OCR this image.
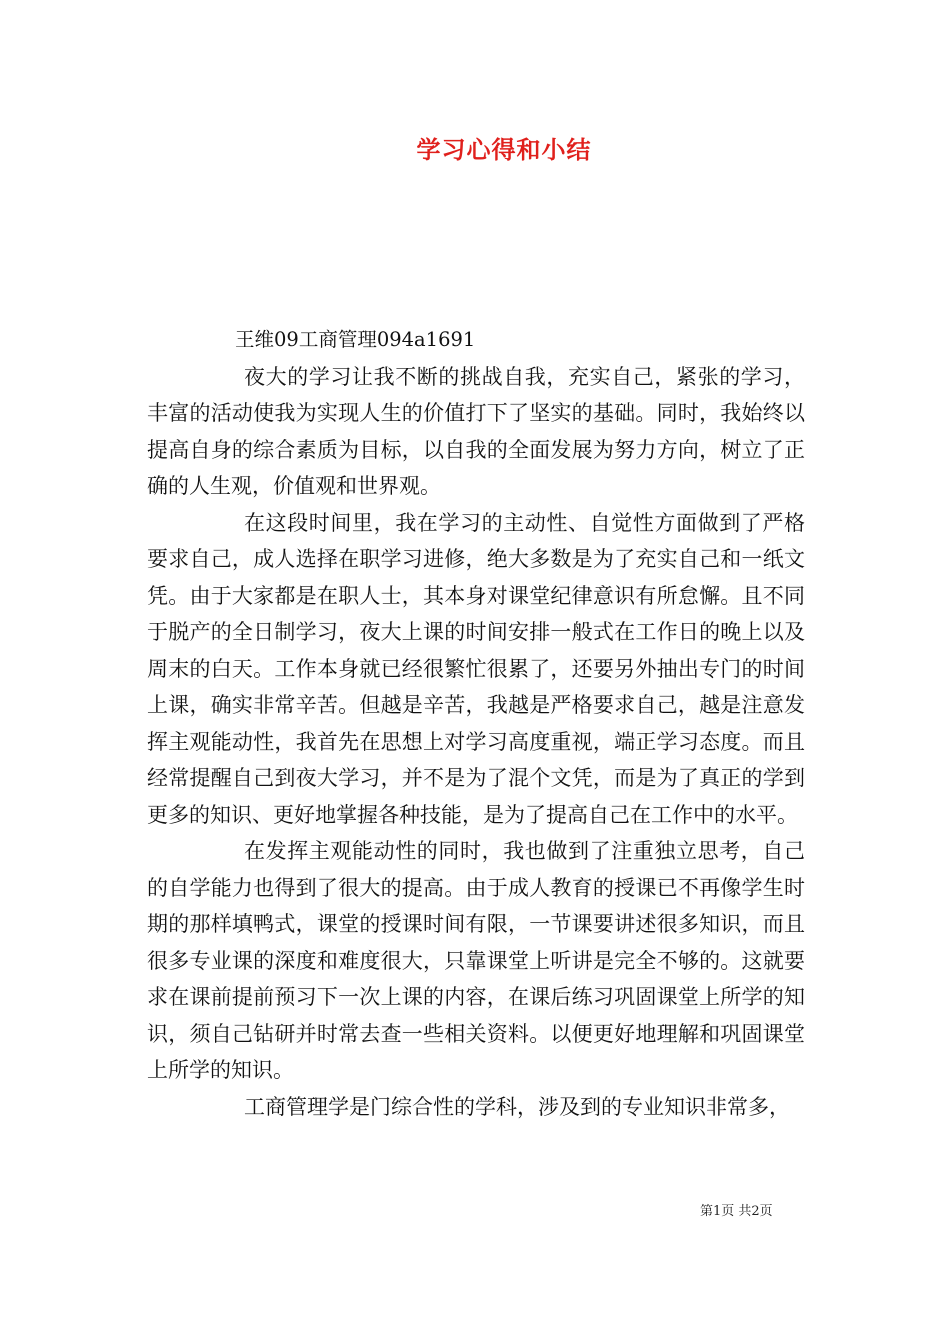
学习心得和小结

王维09工商管理094a1691

夜大的学习让我不断的挑战自我，充实自己，紧张的学习，丰富的活动使我为实现人生的价值打下了坚实的基础。同时，我始终以提高自身的综合素质为目标，以自我的全面发展为努力方向，树立了正确的人生观，价值观和世界观。

在这段时间里，我在学习的主动性、自觉性方面做到了严格要求自己，成人选择在职学习进修，绝大多数是为了充实自己和一纸文凭。由于大家都是在职人士，其本身对课堂纪律意识有所怠懈。且不同于脱产的全日制学习，夜大上课的时间安排一般式在工作日的晚上以及周末的白天。工作本身就已经很繁忙很累了，还要另外抽出专门的时间上课，确实非常辛苦。但越是辛苦，我越是严格要求自己，越是注意发挥主观能动性，我首先在思想上对学习高度重视，端正学习态度。而且经常提醒自己到夜大学习，并不是为了混个文凭，而是为了真正的学到更多的知识、更好地掌握各种技能，是为了提高自己在工作中的水平。

在发挥主观能动性的同时，我也做到了注重独立思考，自己的自学能力也得到了很大的提高。由于成人教育的授课已不再像学生时期的那样填鸭式，课堂的授课时间有限，一节课要讲述很多知识，而且很多专业课的深度和难度很大，只靠课堂上听讲是完全不够的。这就要求在课前提前预习下一次上课的内容，在课后练习巩固课堂上所学的知识，须自己钻研并时常去查一些相关资料。以便更好地理解和巩固课堂上所学的知识。

工商管理学是门综合性的学科，涉及到的专业知识非常多，

第1页 共2页
